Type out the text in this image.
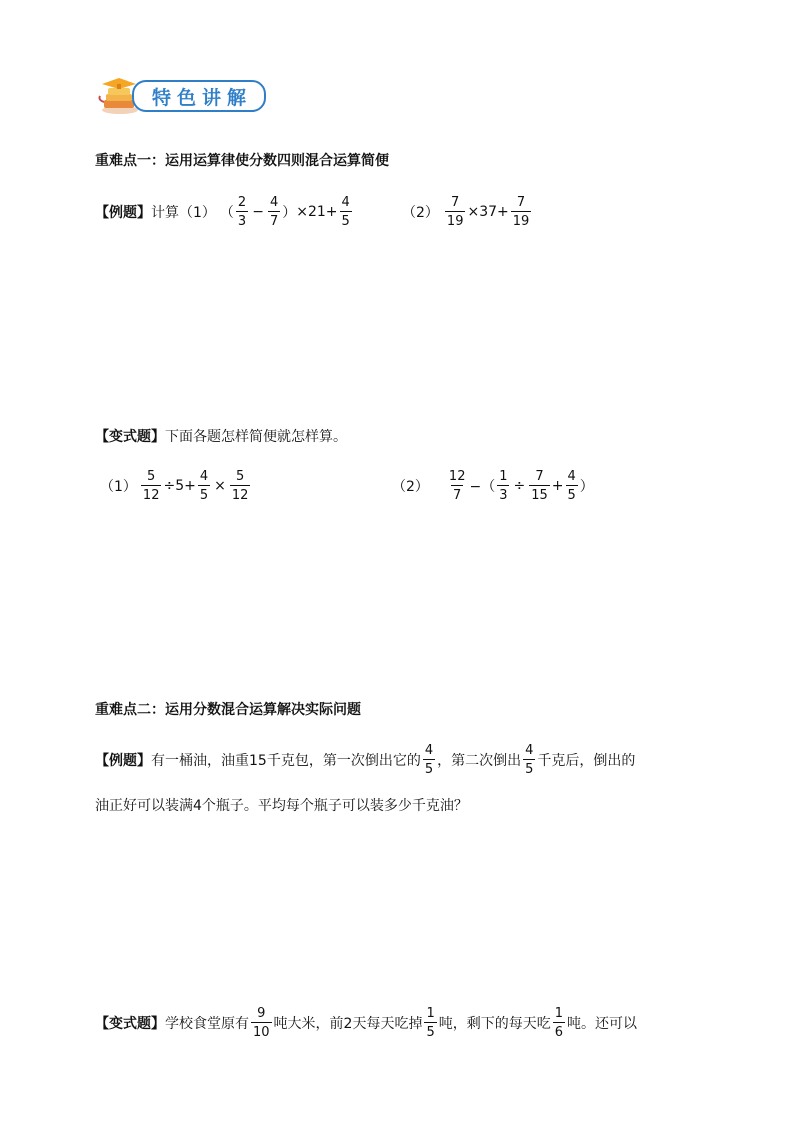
特色讲解
重难点一：运用运算律使分数四则混合运算简便
【例题】 计算 （1） （ $\frac{2}{3} - \frac{4}{7}$ ） $\times 21+ \frac{4}{5}$	$(2) \frac{7}{19} \times 37+ \frac{7}{19}$
【变式题】 下面各题怎样简便就怎样算。
$(1) \frac{5}{12} \div 5+ \frac{4}{5} \times \frac{5}{12}$	$(2) \frac{12}{7}$ −（ $\frac{1}{3} \div \frac{7}{15} + \frac{4}{5}$ ）
重难点二：运用分数混合运算解决实际问题
【例题】 有一桶油，油重15千克包，第一次倒出它的 $\frac{4}{5}$ ，第二次倒出 $\frac{4}{5}$ 千克后，倒出的
油正好可以装满4个瓶子。平均每个瓶子可以装多少千克油？
【变式题】 学校食堂原有 $\frac{9}{10}$ 吨大米，前2天每天吃掉 $\frac{1}{5}$ 吨，剩下的每天吃 $\frac{1}{6}$ 吨。还可以
